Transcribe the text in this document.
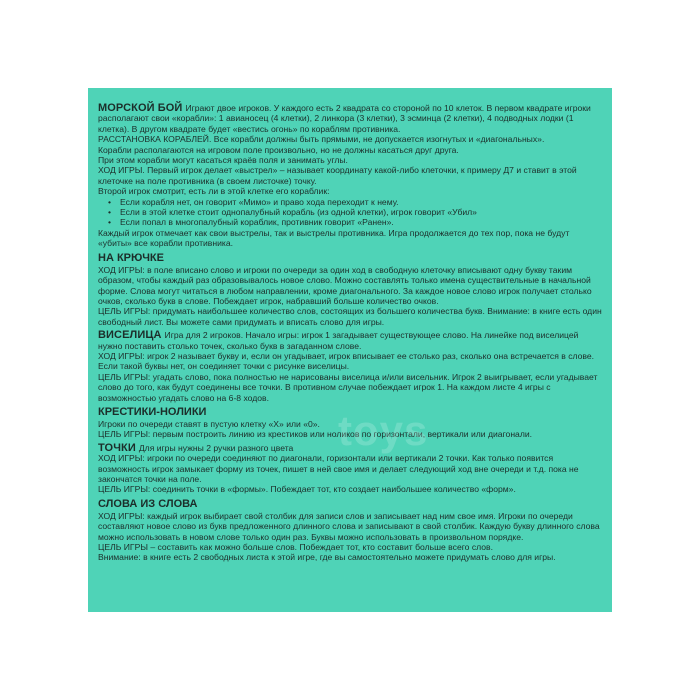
toys
МОРСКОЙ БОЙ Играют двое игроков. У каждого есть 2 квадрата со стороной по 10 клеток. В первом квадрате игроки располагают свои «корабли»: 1 авианосец (4 клетки), 2 линкора (3 клетки), 3 эсминца (2 клетки), 4 подводных лодки (1 клетка). В другом квадрате будет «вестись огонь» по кораблям противника.
РАССТАНОВКА КОРАБЛЕЙ. Все корабли должны быть прямыми, не допускается изогнутых и «диагональных».
Корабли располагаются на игровом поле произвольно, но не должны касаться друг друга.
При этом корабли могут касаться краёв поля и занимать углы.
ХОД ИГРЫ. Первый игрок делает «выстрел» – называет координату какой-либо клеточки, к примеру Д7 и ставит в этой клеточке на поле противника (в своем листочке) точку.
Второй игрок смотрит, есть ли в этой клетке его кораблик:
• Если корабля нет, он говорит «Мимо» и право хода переходит к нему.
• Если в этой клетке стоит однопалубный корабль (из одной клетки), игрок говорит «Убил»
• Если попал в многопалубный кораблик, противник говорит «Ранен».
Каждый игрок отмечает как свои выстрелы, так и выстрелы противника. Игра продолжается до тех пор, пока не будут «убиты» все корабли противника.
НА КРЮЧКЕ
ХОД ИГРЫ: в поле вписано слово и игроки по очереди за один ход в свободную клеточку вписывают одну букву таким образом, чтобы каждый раз образовывалось новое слово. Можно составлять только имена существительные в начальной форме. Слова могут читаться в любом направлении, кроме диагонального. За каждое новое слово игрок получает столько очков, сколько букв в слове. Побеждает игрок, набравший больше количество очков.
ЦЕЛЬ ИГРЫ: придумать наибольшее количество слов, состоящих из большего количества букв. Внимание: в книге есть один свободный лист. Вы можете сами придумать и вписать слово для игры.
ВИСЕЛИЦА Игра для 2 игроков. Начало игры: игрок 1 загадывает существующее слово. На линейке под виселицей нужно поставить столько точек, сколько букв в загаданном слове.
ХОД ИГРЫ: игрок 2 называет букву и, если он угадывает, игрок вписывает ее столько раз, сколько она встречается в слове. Если такой буквы нет, он соединяет точки с рисунке виселицы.
ЦЕЛЬ ИГРЫ: угадать слово, пока полностью не нарисованы виселица и/или висельник. Игрок 2 выигрывает, если угадывает слово до того, как будут соединены все точки. В противном случае побеждает игрок 1. На каждом листе 4 игры с возможностью угадать слово на 6-8 ходов.
КРЕСТИКИ-НОЛИКИ
Игроки по очереди ставят в пустую клетку «Х» или «0».
ЦЕЛЬ ИГРЫ: первым построить линию из крестиков или ноликов по горизонтали, вертикали или диагонали.
ТОЧКИ Для игры нужны 2 ручки разного цвета
ХОД ИГРЫ: игроки по очереди соединяют по диагонали, горизонтали или вертикали 2 точки. Как только появится возможность игрок замыкает форму из точек, пишет в ней свое имя и делает следующий ход вне очереди и т.д. пока не закончатся точки на поле.
ЦЕЛЬ ИГРЫ: соединить точки в «формы». Побеждает тот, кто создает наибольшее количество «форм».
СЛОВА ИЗ СЛОВА
ХОД ИГРЫ: каждый игрок выбирает свой столбик для записи слов и записывает над ним свое имя. Игроки по очереди составляют новое слово из букв предложенного длинного слова и записывают в свой столбик. Каждую букву длинного слова можно использовать в новом слове только один раз. Буквы можно использовать в произвольном порядке.
ЦЕЛЬ ИГРЫ – составить как можно больше слов. Побеждает тот, кто составит больше всего слов.
Внимание: в книге есть 2 свободных листа к этой игре, где вы самостоятельно можете придумать слово для игры.
